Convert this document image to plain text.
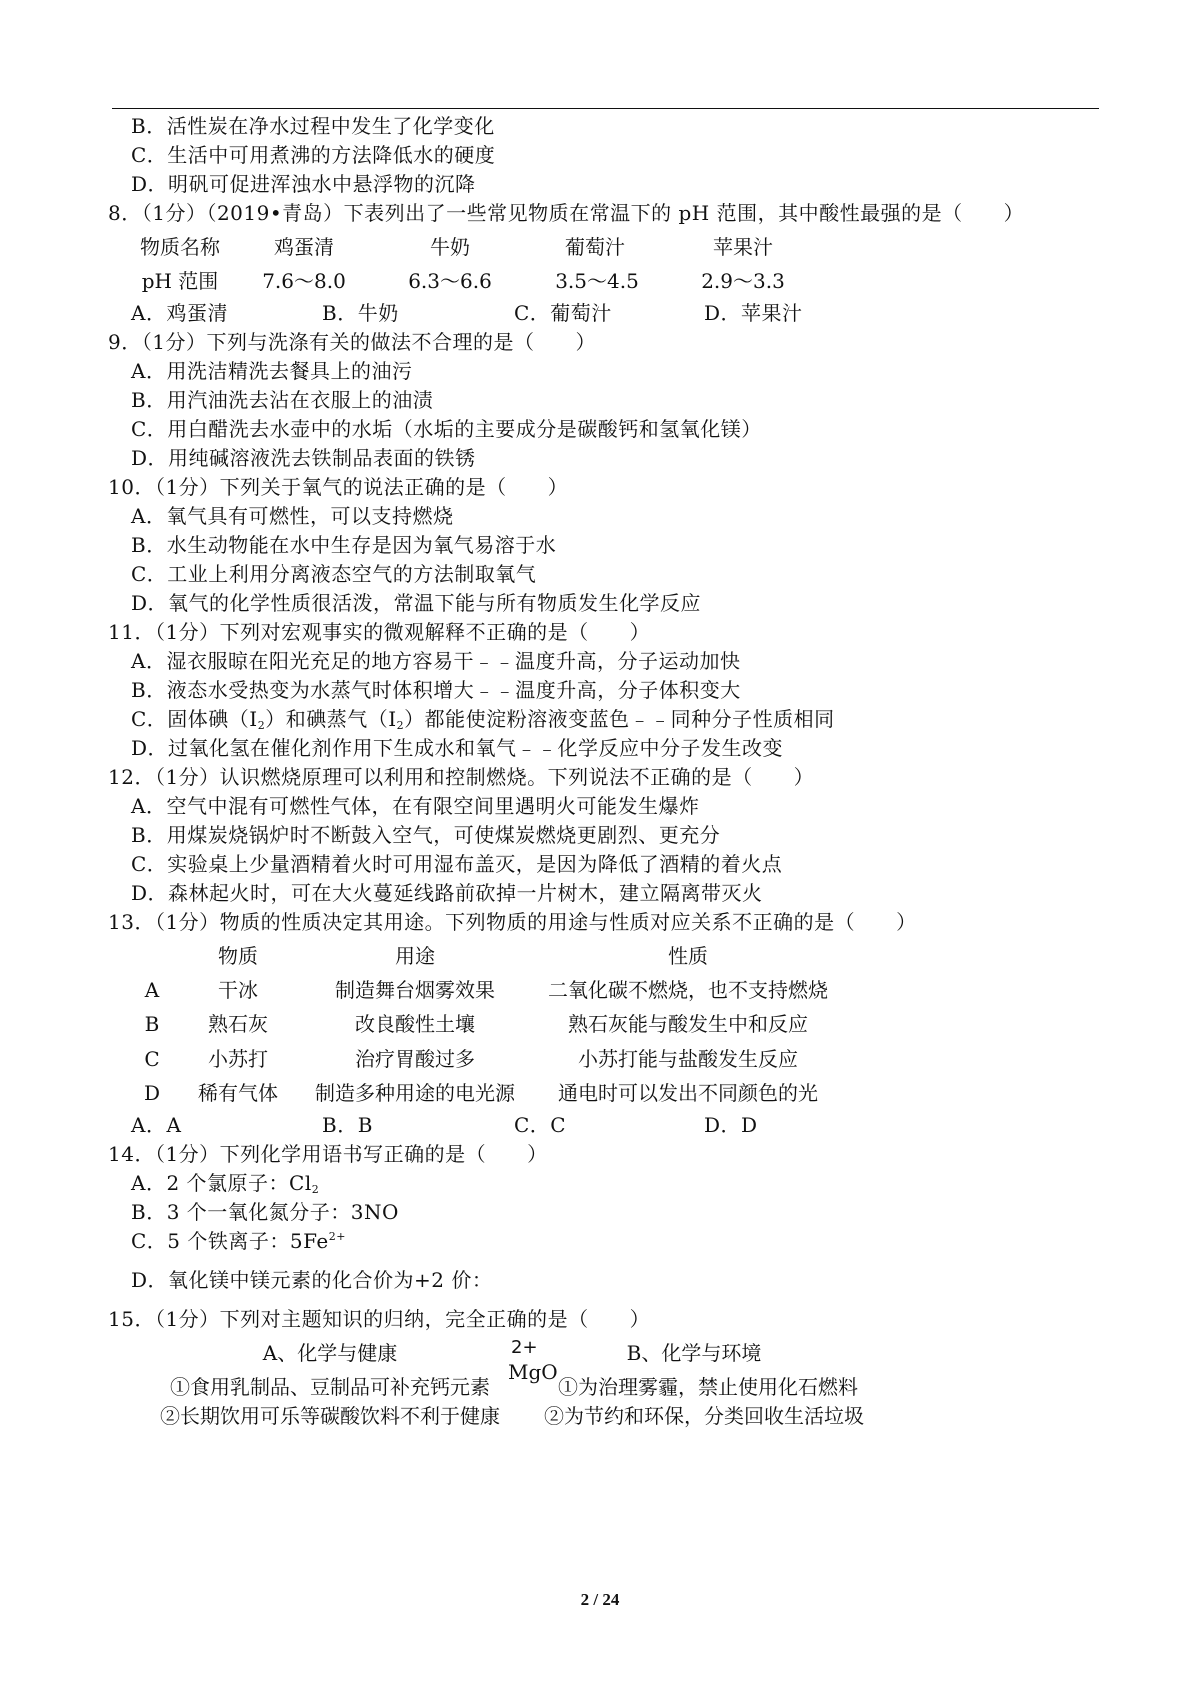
B．活性炭在净水过程中发生了化学变化
C．生活中可用煮沸的方法降低水的硬度
D．明矾可促进浑浊水中悬浮物的沉降
8．（1分）（2019•青岛）下表列出了一些常见物质在常温下的 pH 范围，其中酸性最强的是（　　）
物质名称	鸡蛋清	牛奶	葡萄汁	苹果汁
pH 范围 7.6～8.0	6.3～6.6	3.5～4.5	2.9～3.3
A．鸡蛋清	B．牛奶	C．葡萄汁	D．苹果汁
9．（1分）下列与洗涤有关的做法不合理的是（　　）
A．用洗洁精洗去餐具上的油污
B．用汽油洗去沾在衣服上的油渍
C．用白醋洗去水壶中的水垢（水垢的主要成分是碳酸钙和氢氧化镁）
D．用纯碱溶液洗去铁制品表面的铁锈
10．（1分）下列关于氧气的说法正确的是（　　）
A．氧气具有可燃性，可以支持燃烧
B．水生动物能在水中生存是因为氧气易溶于水
C．工业上利用分离液态空气的方法制取氧气
D．氧气的化学性质很活泼，常温下能与所有物质发生化学反应
11．（1分）下列对宏观事实的微观解释不正确的是（　　）
A．湿衣服晾在阳光充足的地方容易干﹣﹣温度升高，分子运动加快
B．液态水受热变为水蒸气时体积增大﹣﹣温度升高，分子体积变大
C．固体碘$(I_2)$和碘蒸气$(I_2)$都能使淀粉溶液变蓝色﹣﹣同种分子性质相同
D．过氧化氢在催化剂作用下生成水和氧气﹣﹣化学反应中分子发生改变
12．（1分）认识燃烧原理可以利用和控制燃烧。下列说法不正确的是（　　）
A．空气中混有可燃性气体，在有限空间里遇明火可能发生爆炸
B．用煤炭烧锅炉时不断鼓入空气，可使煤炭燃烧更剧烈、更充分
C．实验桌上少量酒精着火时可用湿布盖灭，是因为降低了酒精的着火点
D．森林起火时，可在大火蔓延线路前砍掉一片树木，建立隔离带灭火
13．（1分）物质的性质决定其用途。下列物质的用途与性质对应关系不正确的是（　　）
物质	用途	性质
A	干冰	制造舞台烟雾效果	二氧化碳不燃烧，也不支持燃烧
B 熟石灰	改良酸性土壤	熟石灰能与酸发生中和反应
C 小苏打	治疗胃酸过多	小苏打能与盐酸发生反应
D 稀有气体 制造多种用途的电光源 通电时可以发出不同颜色的光
A．A	B．B	C．C	D．D
14．（1分）下列化学用语书写正确的是（　　）
A．2 个氯原子：$Cl_2$
B．3 个一氧化氮分子：3NO
C．5 个铁离子：$5Fe^{2+}$
D．氧化镁中镁元素的化合价为+2 价：
2+
MgO
15．（1分）下列对主题知识的归纳，完全正确的是（　　）
A、化学与健康	B、化学与环境
①食用乳制品、豆制品可补充钙元素	①为治理雾霾，禁止使用化石燃料
②长期饮用可乐等碳酸饮料不利于健康 ②为节约和环保，分类回收生活垃圾
2 / 24
